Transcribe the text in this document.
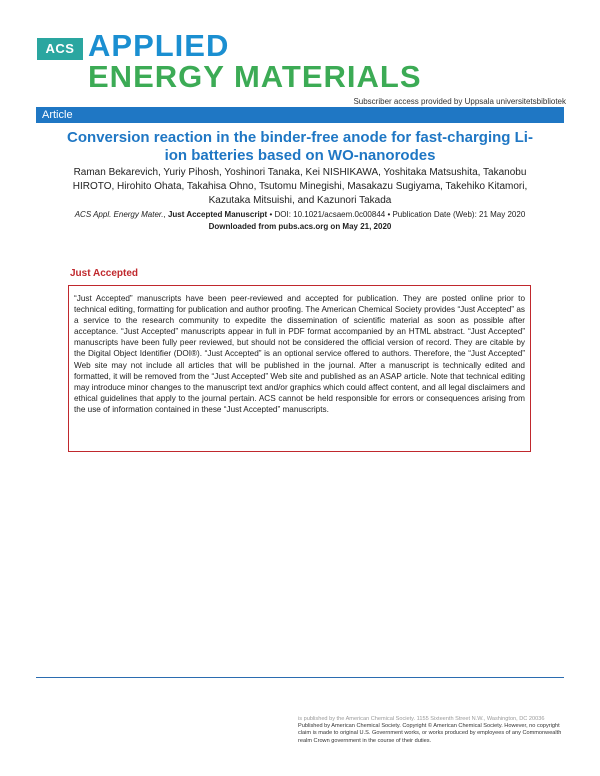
ACS APPLIED
ENERGY MATERIALS
Subscriber access provided by Uppsala universitetsbibliotek
Article
Conversion reaction in the binder-free anode for fast-charging Li-ion batteries based on WO-nanorodes
Raman Bekarevich, Yuriy Pihosh, Yoshinori Tanaka, Kei NISHIKAWA, Yoshitaka Matsushita, Takanobu HIROTO, Hirohito Ohata, Takahisa Ohno, Tsutomu Minegishi, Masakazu Sugiyama, Takehiko Kitamori, Kazutaka Mitsuishi, and Kazunori Takada
ACS Appl. Energy Mater., Just Accepted Manuscript • DOI: 10.1021/acsaem.0c00844 • Publication Date (Web): 21 May 2020
Downloaded from pubs.acs.org on May 21, 2020
Just Accepted

“Just Accepted” manuscripts have been peer-reviewed and accepted for publication. They are posted online prior to technical editing, formatting for publication and author proofing. The American Chemical Society provides “Just Accepted” as a service to the research community to expedite the dissemination of scientific material as soon as possible after acceptance. “Just Accepted” manuscripts appear in full in PDF format accompanied by an HTML abstract. “Just Accepted” manuscripts have been fully peer reviewed, but should not be considered the official version of record. They are citable by the Digital Object Identifier (DOI®). “Just Accepted” is an optional service offered to authors. Therefore, the “Just Accepted” Web site may not include all articles that will be published in the journal. After a manuscript is technically edited and formatted, it will be removed from the “Just Accepted” Web site and published as an ASAP article. Note that technical editing may introduce minor changes to the manuscript text and/or graphics which could affect content, and all legal disclaimers and ethical guidelines that apply to the journal pertain. ACS cannot be held responsible for errors or consequences arising from the use of information contained in these “Just Accepted” manuscripts.

is published by the American Chemical Society. 1155 Sixteenth Street N.W., Washington, DC 20036
Published by American Chemical Society. Copyright © American Chemical Society. However, no copyright claim is made to original U.S. Government works, or works produced by employees of any Commonwealth realm Crown government in the course of their duties.
